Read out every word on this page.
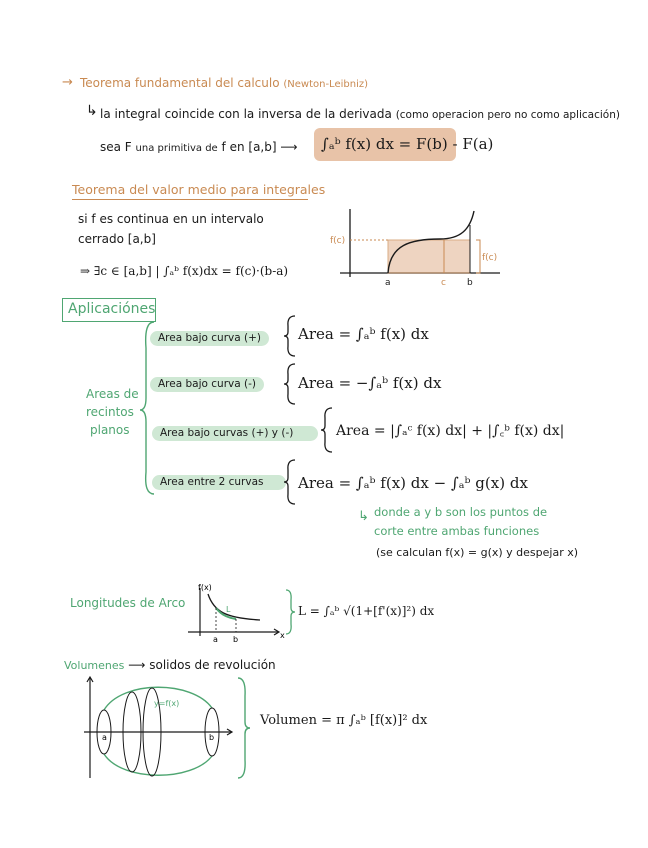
→ Teorema fundamental del calculo (Newton-Leibniz)
↳ la integral coincide con la inversa de la derivada (como operacion pero no como aplicación)
sea F una primitiva de f en [a,b] ⟶ ∫ₐᵇ f(x) dx = F(b) - F(a)
Teorema del valor medio para integrales
si f es continua en un intervalo
cerrado [a,b]
⇒ ∃c ∈ [a,b] | ∫ₐᵇ f(x)dx = f(c)·(b-a)
f(c)
f(c)
a	c b
Aplicaciónes
Areas de
recintos
planos
Area bajo curva (+)
Area bajo curva (-)
Area bajo curvas (+) y (-)
Area entre 2 curvas
Area = ∫ₐᵇ f(x) dx
Area = −∫ₐᵇ f(x) dx
Area = |∫ₐᶜ f(x) dx| + |∫꜀ᵇ f(x) dx|
Area = ∫ₐᵇ f(x) dx − ∫ₐᵇ g(x) dx
↳ donde a y b son los puntos de
corte entre ambas funciones
(se calculan f(x) = g(x) y despejar x)
Longitudes de Arco
f(x)
L
a b	x
L = ∫ₐᵇ √(1+[f'(x)]²) dx
Volumenes ⟶ solidos de revolución
y=f(x)
a	b
Volumen = π ∫ₐᵇ [f(x)]² dx
